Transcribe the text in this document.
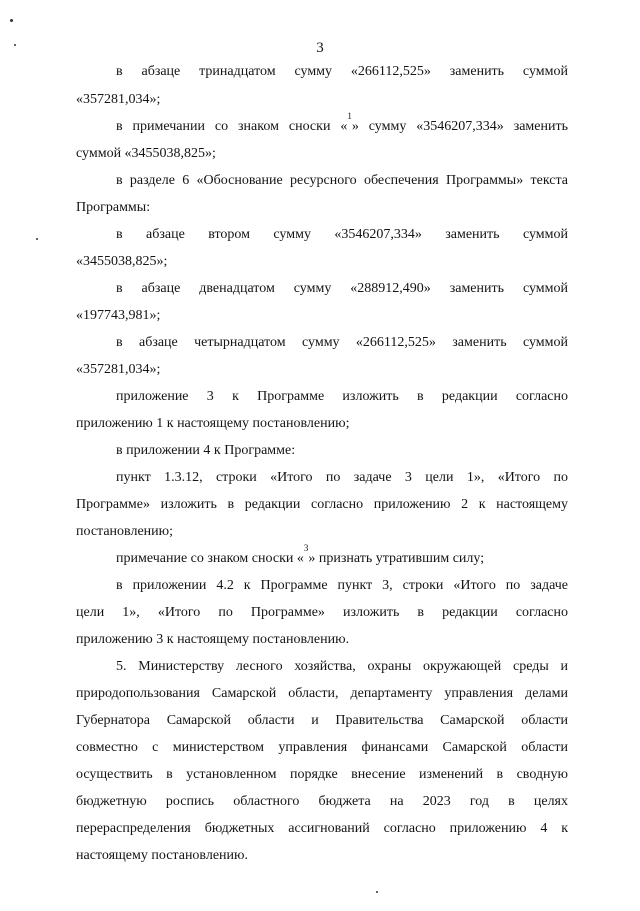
3
в абзаце тринадцатом сумму «266112,525» заменить суммой
«357281,034»;
в примечании со знаком сноски «$^1$» сумму «3546207,334» заменить
суммой «3455038,825»;
в разделе 6 «Обоснование ресурсного обеспечения Программы» текста
Программы:
в абзаце втором сумму «3546207,334» заменить суммой
«3455038,825»;
в абзаце двенадцатом сумму «288912,490» заменить суммой
«197743,981»;
в абзаце четырнадцатом сумму «266112,525» заменить суммой
«357281,034»;
приложение 3 к Программе изложить в редакции согласно
приложению 1 к настоящему постановлению;
в приложении 4 к Программе:
пункт 1.3.12, строки «Итого по задаче 3 цели 1», «Итого по
Программе» изложить в редакции согласно приложению 2 к настоящему
постановлению;
примечание со знаком сноски «$^3$» признать утратившим силу;
в приложении 4.2 к Программе пункт 3, строки «Итого по задаче
цели 1», «Итого по Программе» изложить в редакции согласно
приложению 3 к настоящему постановлению.
5. Министерству лесного хозяйства, охраны окружающей среды и
природопользования Самарской области, департаменту управления делами
Губернатора Самарской области и Правительства Самарской области
совместно с министерством управления финансами Самарской области
осуществить в установленном порядке внесение изменений в сводную
бюджетную роспись областного бюджета на 2023 год в целях
перераспределения бюджетных ассигнований согласно приложению 4 к
настоящему постановлению.
